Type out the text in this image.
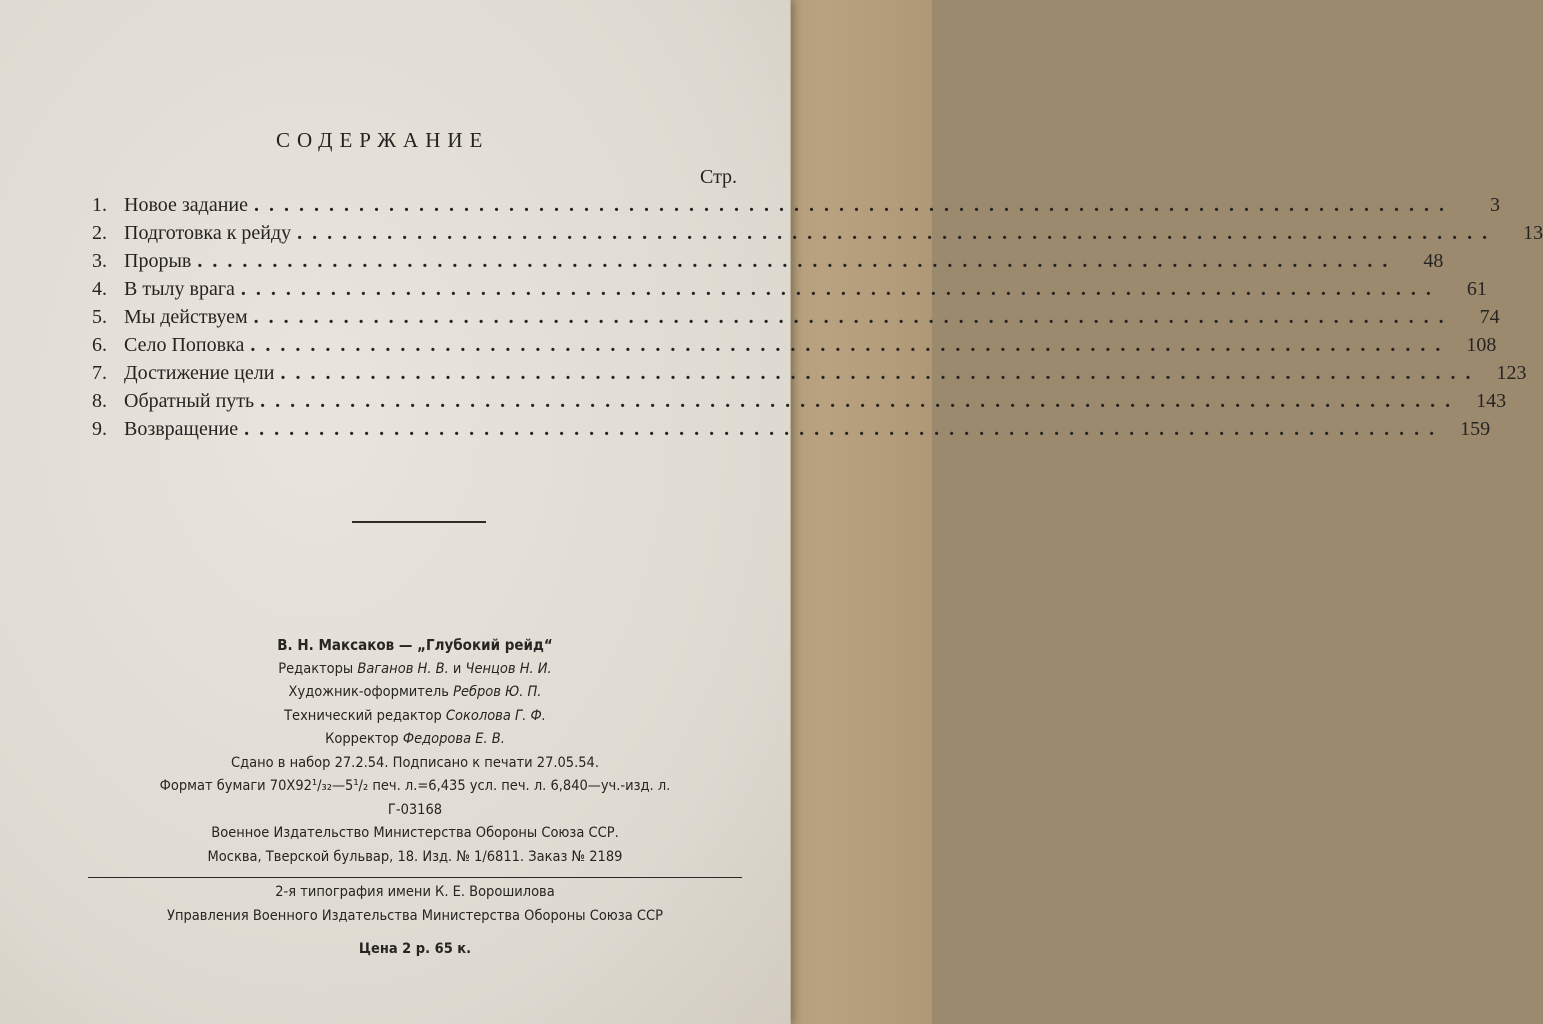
СОДЕРЖАНИЕ
Стр.
1. Новое задание ................................................................................	3
2. Подготовка к рейду ................................................................................	13
3. Прорыв ................................................................................	48
4. В тылу врага ................................................................................	61
5. Мы действуем ................................................................................	74
6. Село Поповка ................................................................................ 108
7. Достижение цели ................................................................................ 123
8. Обратный путь ................................................................................ 143
9. Возвращение ................................................................................ 159
В. Н. Максаков — „Глубокий рейд“
Редакторы Ваганов Н. В. и Ченцов Н. И.
Художник-оформитель Ребров Ю. П.
Технический редактор Соколова Г. Ф.
Корректор Федорова Е. В.
Сдано в набор 27.2.54. Подписано к печати 27.05.54.
Формат бумаги 70Х92¹/₃₂—5¹/₂ печ. л.=6,435 усл. печ. л. 6,840—уч.-изд. л.
Г-03168
Военное Издательство Министерства Обороны Союза ССР.
Москва, Тверской бульвар, 18. Изд. № 1/6811. Заказ № 2189
2-я типография имени К. Е. Ворошилова
Управления Военного Издательства Министерства Обороны Союза ССР
Цена 2 р. 65 к.
